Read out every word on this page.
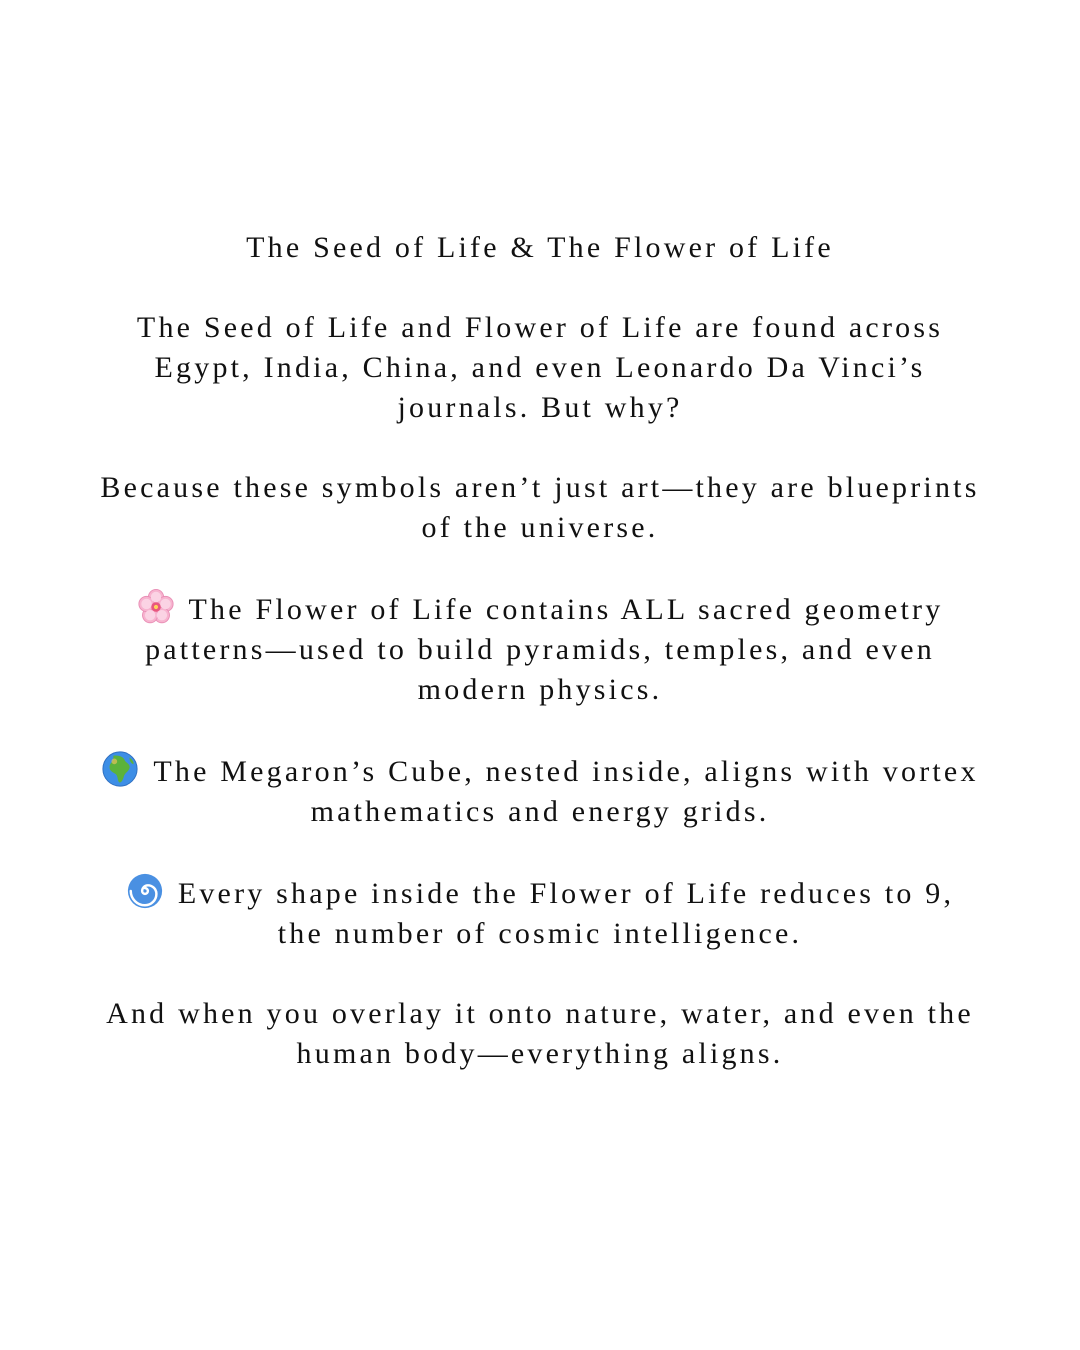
The Seed of Life & The Flower of Life
The Seed of Life and Flower of Life are found across
Egypt, India, China, and even Leonardo Da Vinci’s
journals. But why?
Because these symbols aren’t just art—they are blueprints
of the universe.
The Flower of Life contains ALL sacred geometry
patterns—used to build pyramids, temples, and even
modern physics.
The Megaron’s Cube, nested inside, aligns with vortex
mathematics and energy grids.
Every shape inside the Flower of Life reduces to 9,
the number of cosmic intelligence.
And when you overlay it onto nature, water, and even the
human body—everything aligns.
